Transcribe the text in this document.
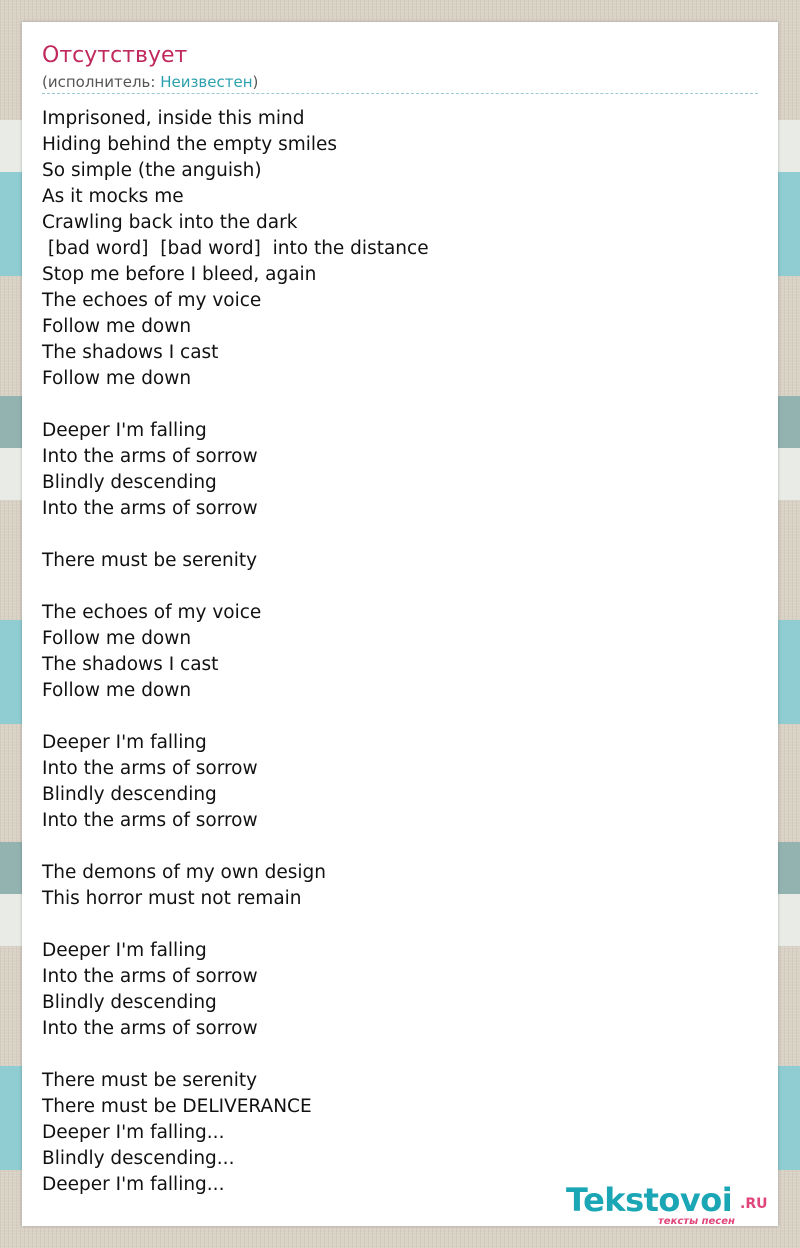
Отсутствует
(исполнитель: Неизвестен)
Imprisoned, inside this mind
Hiding behind the empty smiles
So simple (the anguish)
As it mocks me
Crawling back into the dark
[bad word]  [bad word]  into the distance
Stop me before I bleed, again
The echoes of my voice
Follow me down
The shadows I cast
Follow me down
Deeper I'm falling
Into the arms of sorrow
Blindly descending
Into the arms of sorrow
There must be serenity
The echoes of my voice
Follow me down
The shadows I cast
Follow me down
Deeper I'm falling
Into the arms of sorrow
Blindly descending
Into the arms of sorrow
The demons of my own design
This horror must not remain
Deeper I'm falling
Into the arms of sorrow
Blindly descending
Into the arms of sorrow
There must be serenity
There must be DELIVERANCE
Deeper I'm falling...
Blindly descending...
Deeper I'm falling...	Tekstovoi .RU
тексты песен
